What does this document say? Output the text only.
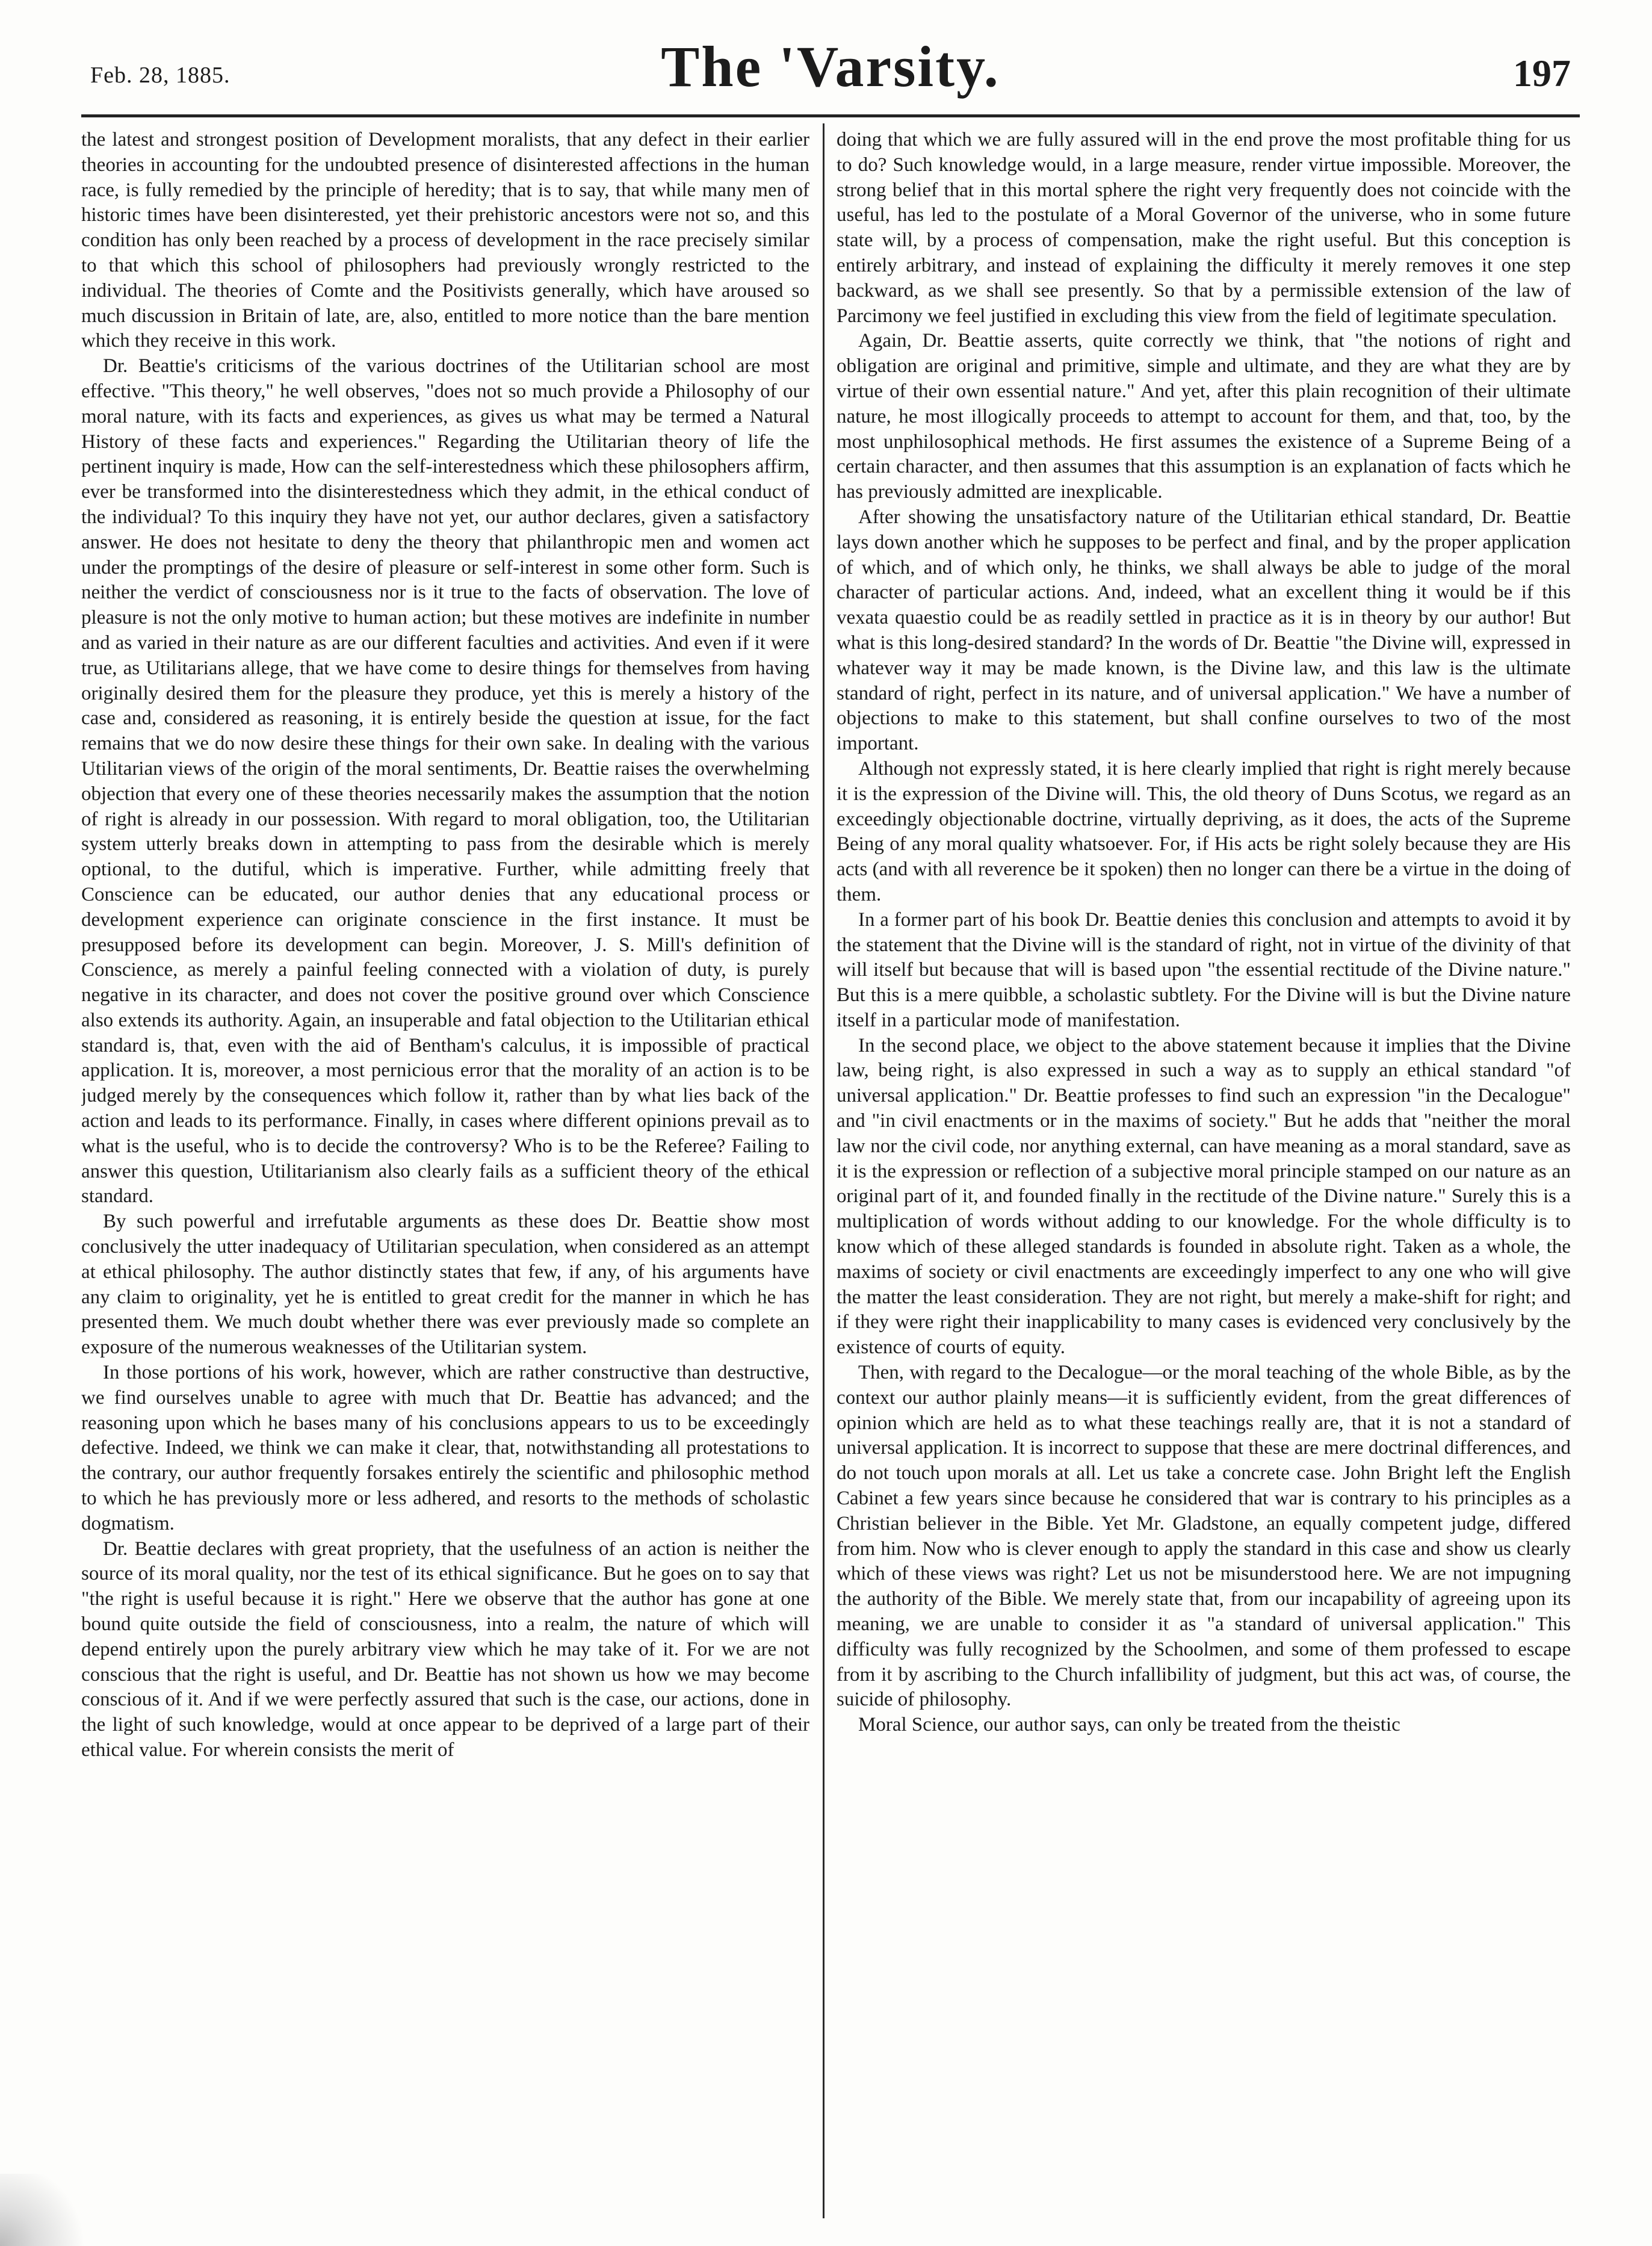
Feb. 28, 1885.	The 'Varsity.	197

the latest and strongest position of Development moralists, that any defect in their earlier theories in accounting for the undoubted presence of disinterested affections in the human race, is fully remedied by the principle of heredity; that is to say, that while many men of historic times have been disinterested, yet their prehistoric ancestors were not so, and this condition has only been reached by a process of development in the race precisely similar to that which this school of philosophers had previously wrongly restricted to the individual. The theories of Comte and the Positivists generally, which have aroused so much discussion in Britain of late, are, also, entitled to more notice than the bare mention which they receive in this work.

Dr. Beattie's criticisms of the various doctrines of the Utilitarian school are most effective. "This theory," he well observes, "does not so much provide a Philosophy of our moral nature, with its facts and experiences, as gives us what may be termed a Natural History of these facts and experiences." Regarding the Utilitarian theory of life the pertinent inquiry is made, How can the self-interestedness which these philosophers affirm, ever be transformed into the disinterestedness which they admit, in the ethical conduct of the individual? To this inquiry they have not yet, our author declares, given a satisfactory answer. He does not hesitate to deny the theory that philanthropic men and women act under the promptings of the desire of pleasure or self-interest in some other form. Such is neither the verdict of consciousness nor is it true to the facts of observation. The love of pleasure is not the only motive to human action; but these motives are indefinite in number and as varied in their nature as are our different faculties and activities. And even if it were true, as Utilitarians allege, that we have come to desire things for themselves from having originally desired them for the pleasure they produce, yet this is merely a history of the case and, considered as reasoning, it is entirely beside the question at issue, for the fact remains that we do now desire these things for their own sake. In dealing with the various Utilitarian views of the origin of the moral sentiments, Dr. Beattie raises the overwhelming objection that every one of these theories necessarily makes the assumption that the notion of right is already in our possession. With regard to moral obligation, too, the Utilitarian system utterly breaks down in attempting to pass from the desirable which is merely optional, to the dutiful, which is imperative. Further, while admitting freely that Conscience can be educated, our author denies that any educational process or development experience can originate conscience in the first instance. It must be presupposed before its development can begin. Moreover, J. S. Mill's definition of Conscience, as merely a painful feeling connected with a violation of duty, is purely negative in its character, and does not cover the positive ground over which Conscience also extends its authority. Again, an insuperable and fatal objection to the Utilitarian ethical standard is, that, even with the aid of Bentham's calculus, it is impossible of practical application. It is, moreover, a most pernicious error that the morality of an action is to be judged merely by the consequences which follow it, rather than by what lies back of the action and leads to its performance. Finally, in cases where different opinions prevail as to what is the useful, who is to decide the controversy? Who is to be the Referee? Failing to answer this question, Utilitarianism also clearly fails as a sufficient theory of the ethical standard.

By such powerful and irrefutable arguments as these does Dr. Beattie show most conclusively the utter inadequacy of Utilitarian speculation, when considered as an attempt at ethical philosophy. The author distinctly states that few, if any, of his arguments have any claim to originality, yet he is entitled to great credit for the manner in which he has presented them. We much doubt whether there was ever previously made so complete an exposure of the numerous weaknesses of the Utilitarian system.

In those portions of his work, however, which are rather constructive than destructive, we find ourselves unable to agree with much that Dr. Beattie has advanced; and the reasoning upon which he bases many of his conclusions appears to us to be exceedingly defective. Indeed, we think we can make it clear, that, notwithstanding all protestations to the contrary, our author frequently forsakes entirely the scientific and philosophic method to which he has previously more or less adhered, and resorts to the methods of scholastic dogmatism.

Dr. Beattie declares with great propriety, that the usefulness of an action is neither the source of its moral quality, nor the test of its ethical significance. But he goes on to say that "the right is useful because it is right." Here we observe that the author has gone at one bound quite outside the field of consciousness, into a realm, the nature of which will depend entirely upon the purely arbitrary view which he may take of it. For we are not conscious that the right is useful, and Dr. Beattie has not shown us how we may become conscious of it. And if we were perfectly assured that such is the case, our actions, done in the light of such knowledge, would at once appear to be deprived of a large part of their ethical value. For wherein consists the merit of

doing that which we are fully assured will in the end prove the most profitable thing for us to do? Such knowledge would, in a large measure, render virtue impossible. Moreover, the strong belief that in this mortal sphere the right very frequently does not coincide with the useful, has led to the postulate of a Moral Governor of the universe, who in some future state will, by a process of compensation, make the right useful. But this conception is entirely arbitrary, and instead of explaining the difficulty it merely removes it one step backward, as we shall see presently. So that by a permissible extension of the law of Parcimony we feel justified in excluding this view from the field of legitimate speculation.

Again, Dr. Beattie asserts, quite correctly we think, that "the notions of right and obligation are original and primitive, simple and ultimate, and they are what they are by virtue of their own essential nature." And yet, after this plain recognition of their ultimate nature, he most illogically proceeds to attempt to account for them, and that, too, by the most unphilosophical methods. He first assumes the existence of a Supreme Being of a certain character, and then assumes that this assumption is an explanation of facts which he has previously admitted are inexplicable.

After showing the unsatisfactory nature of the Utilitarian ethical standard, Dr. Beattie lays down another which he supposes to be perfect and final, and by the proper application of which, and of which only, he thinks, we shall always be able to judge of the moral character of particular actions. And, indeed, what an excellent thing it would be if this vexata quaestio could be as readily settled in practice as it is in theory by our author! But what is this long-desired standard? In the words of Dr. Beattie "the Divine will, expressed in whatever way it may be made known, is the Divine law, and this law is the ultimate standard of right, perfect in its nature, and of universal application." We have a number of objections to make to this statement, but shall confine ourselves to two of the most important.

Although not expressly stated, it is here clearly implied that right is right merely because it is the expression of the Divine will. This, the old theory of Duns Scotus, we regard as an exceedingly objectionable doctrine, virtually depriving, as it does, the acts of the Supreme Being of any moral quality whatsoever. For, if His acts be right solely because they are His acts (and with all reverence be it spoken) then no longer can there be a virtue in the doing of them.

In a former part of his book Dr. Beattie denies this conclusion and attempts to avoid it by the statement that the Divine will is the standard of right, not in virtue of the divinity of that will itself but because that will is based upon "the essential rectitude of the Divine nature." But this is a mere quibble, a scholastic subtlety. For the Divine will is but the Divine nature itself in a particular mode of manifestation.

In the second place, we object to the above statement because it implies that the Divine law, being right, is also expressed in such a way as to supply an ethical standard "of universal application." Dr. Beattie professes to find such an expression "in the Decalogue" and "in civil enactments or in the maxims of society." But he adds that "neither the moral law nor the civil code, nor anything external, can have meaning as a moral standard, save as it is the expression or reflection of a subjective moral principle stamped on our nature as an original part of it, and founded finally in the rectitude of the Divine nature." Surely this is a multiplication of words without adding to our knowledge. For the whole difficulty is to know which of these alleged standards is founded in absolute right. Taken as a whole, the maxims of society or civil enactments are exceedingly imperfect to any one who will give the matter the least consideration. They are not right, but merely a make-shift for right; and if they were right their inapplicability to many cases is evidenced very conclusively by the existence of courts of equity.

Then, with regard to the Decalogue—or the moral teaching of the whole Bible, as by the context our author plainly means—it is sufficiently evident, from the great differences of opinion which are held as to what these teachings really are, that it is not a standard of universal application. It is incorrect to suppose that these are mere doctrinal differences, and do not touch upon morals at all. Let us take a concrete case. John Bright left the English Cabinet a few years since because he considered that war is contrary to his principles as a Christian believer in the Bible. Yet Mr. Gladstone, an equally competent judge, differed from him. Now who is clever enough to apply the standard in this case and show us clearly which of these views was right? Let us not be misunderstood here. We are not impugning the authority of the Bible. We merely state that, from our incapability of agreeing upon its meaning, we are unable to consider it as "a standard of universal application." This difficulty was fully recognized by the Schoolmen, and some of them professed to escape from it by ascribing to the Church infallibility of judgment, but this act was, of course, the suicide of philosophy.

Moral Science, our author says, can only be treated from the theistic
